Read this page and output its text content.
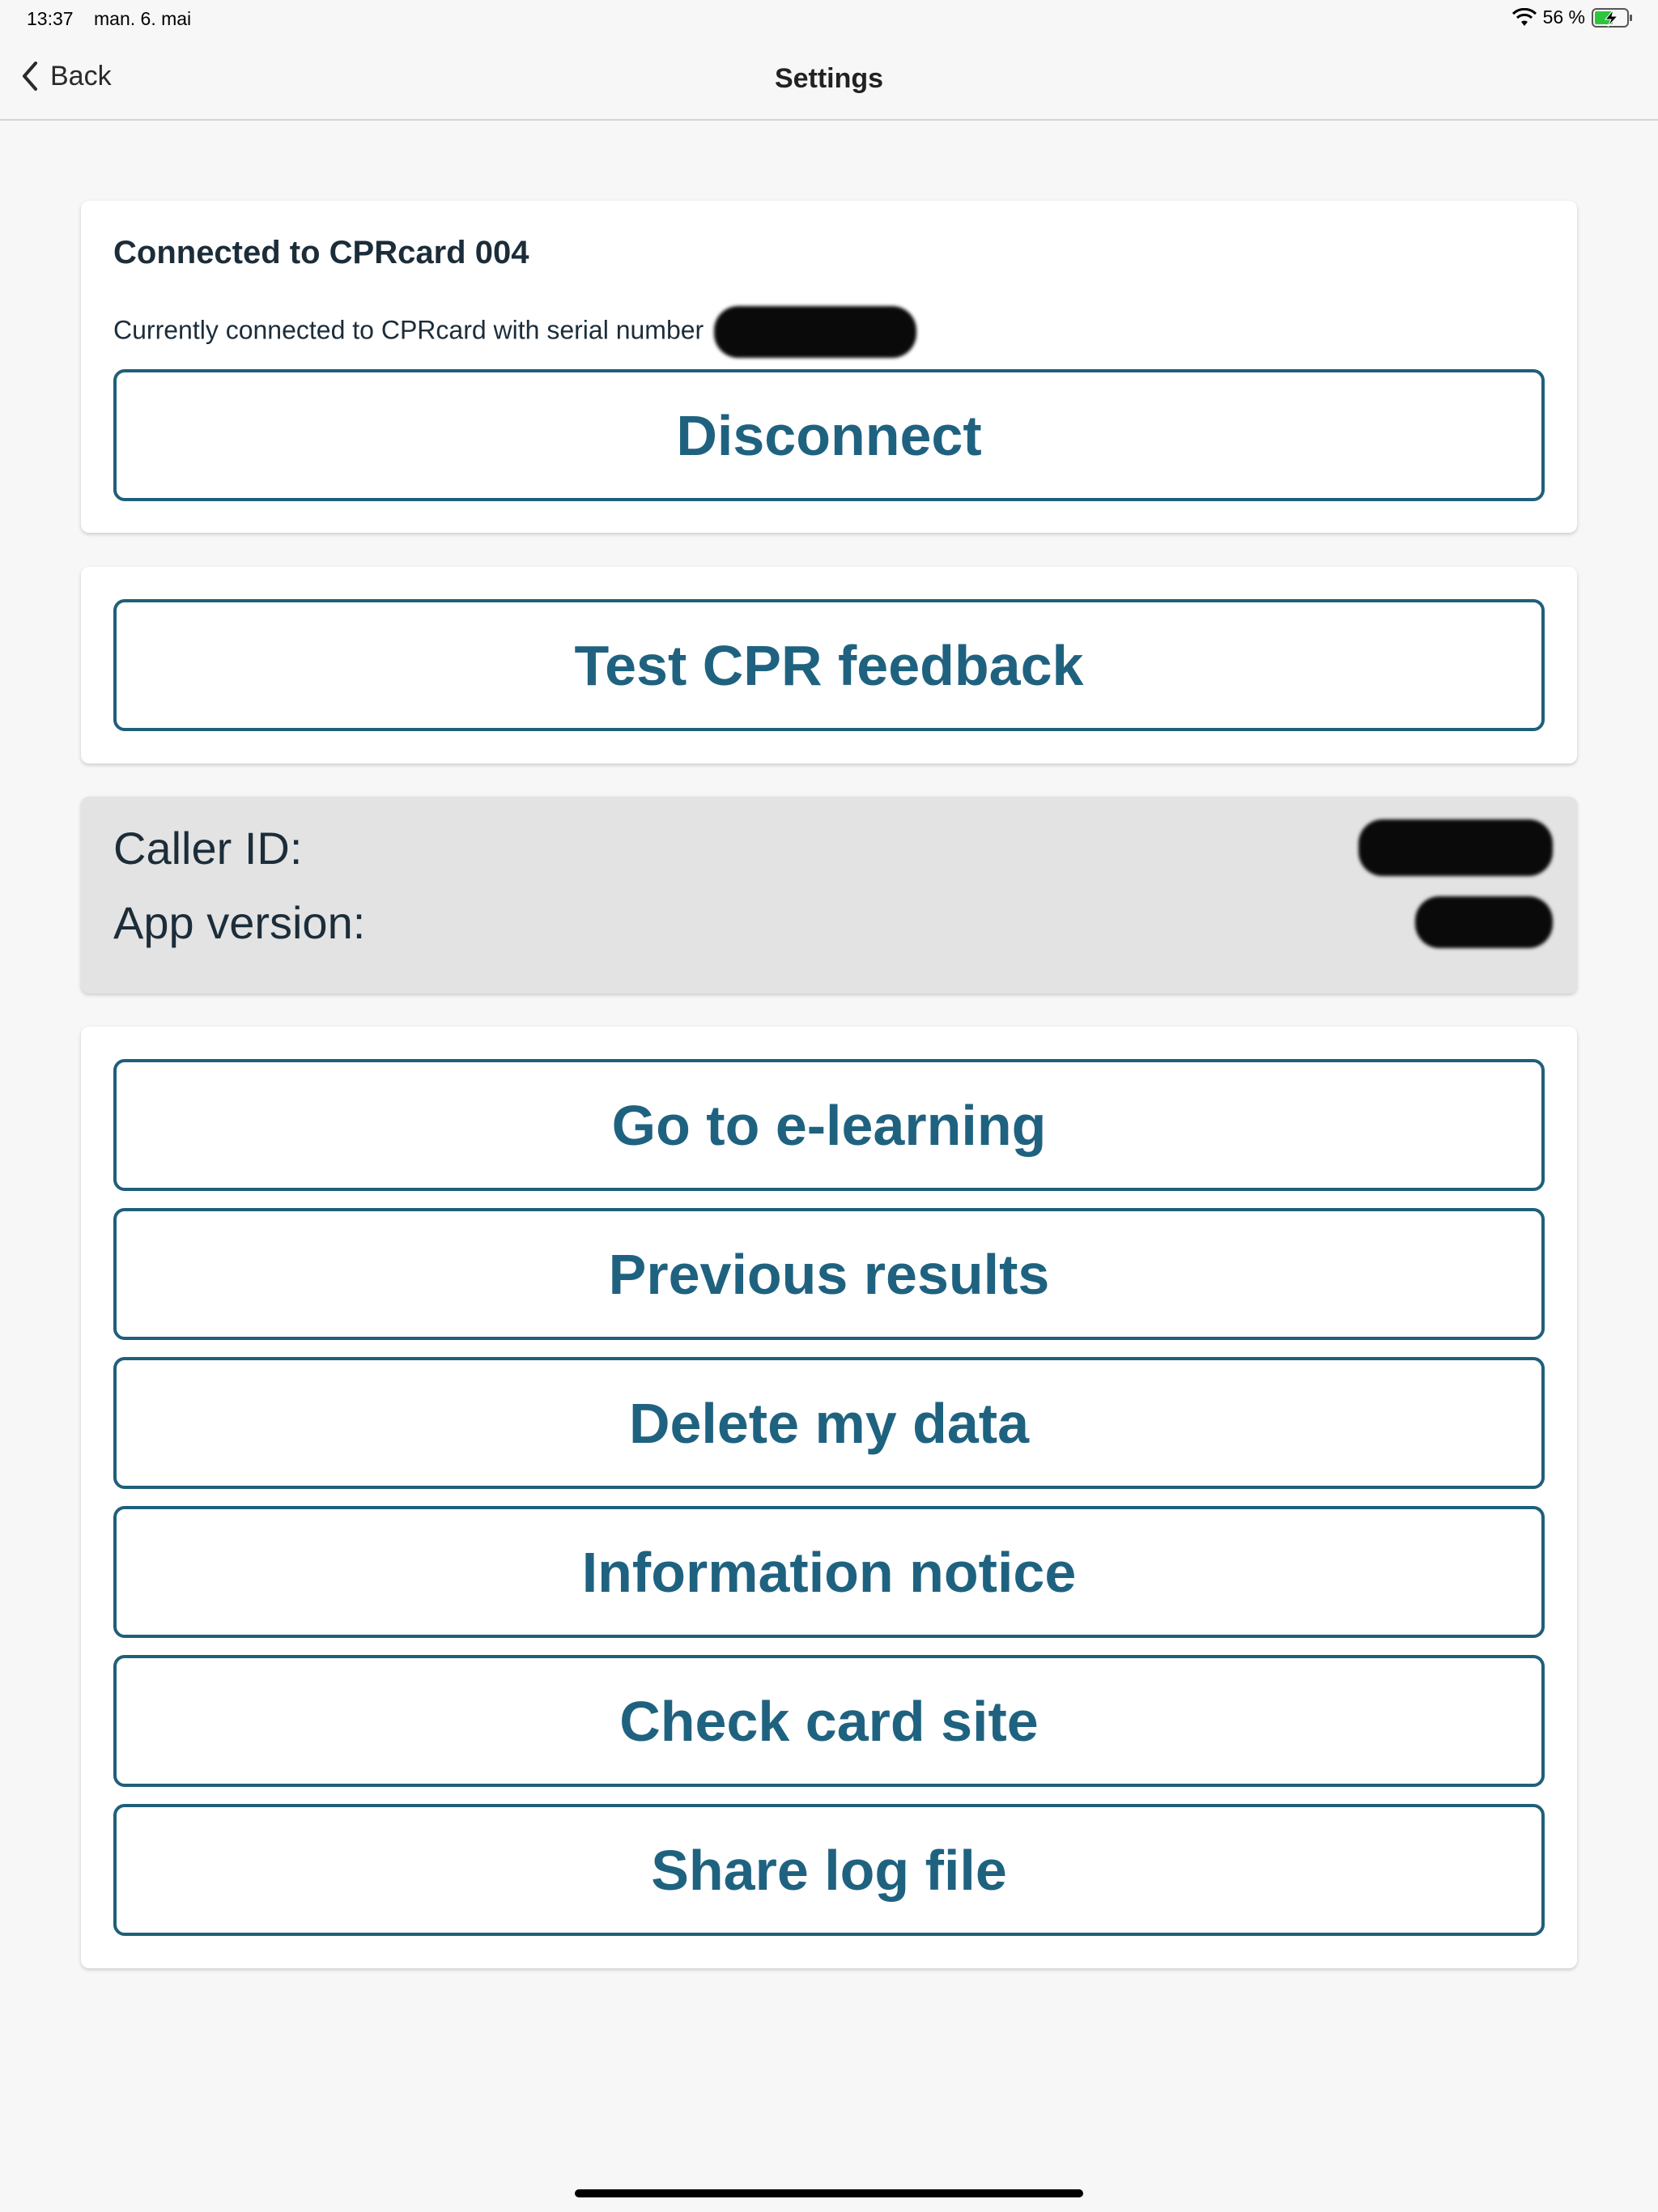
13:37 man. 6. mai	56 %
Back	Settings
Connected to CPRcard 004
Currently connected to CPRcard with serial number
Disconnect
Test CPR feedback
Caller ID:
App version:
Go to e-learning
Previous results
Delete my data
Information notice
Check card site
Share log file
